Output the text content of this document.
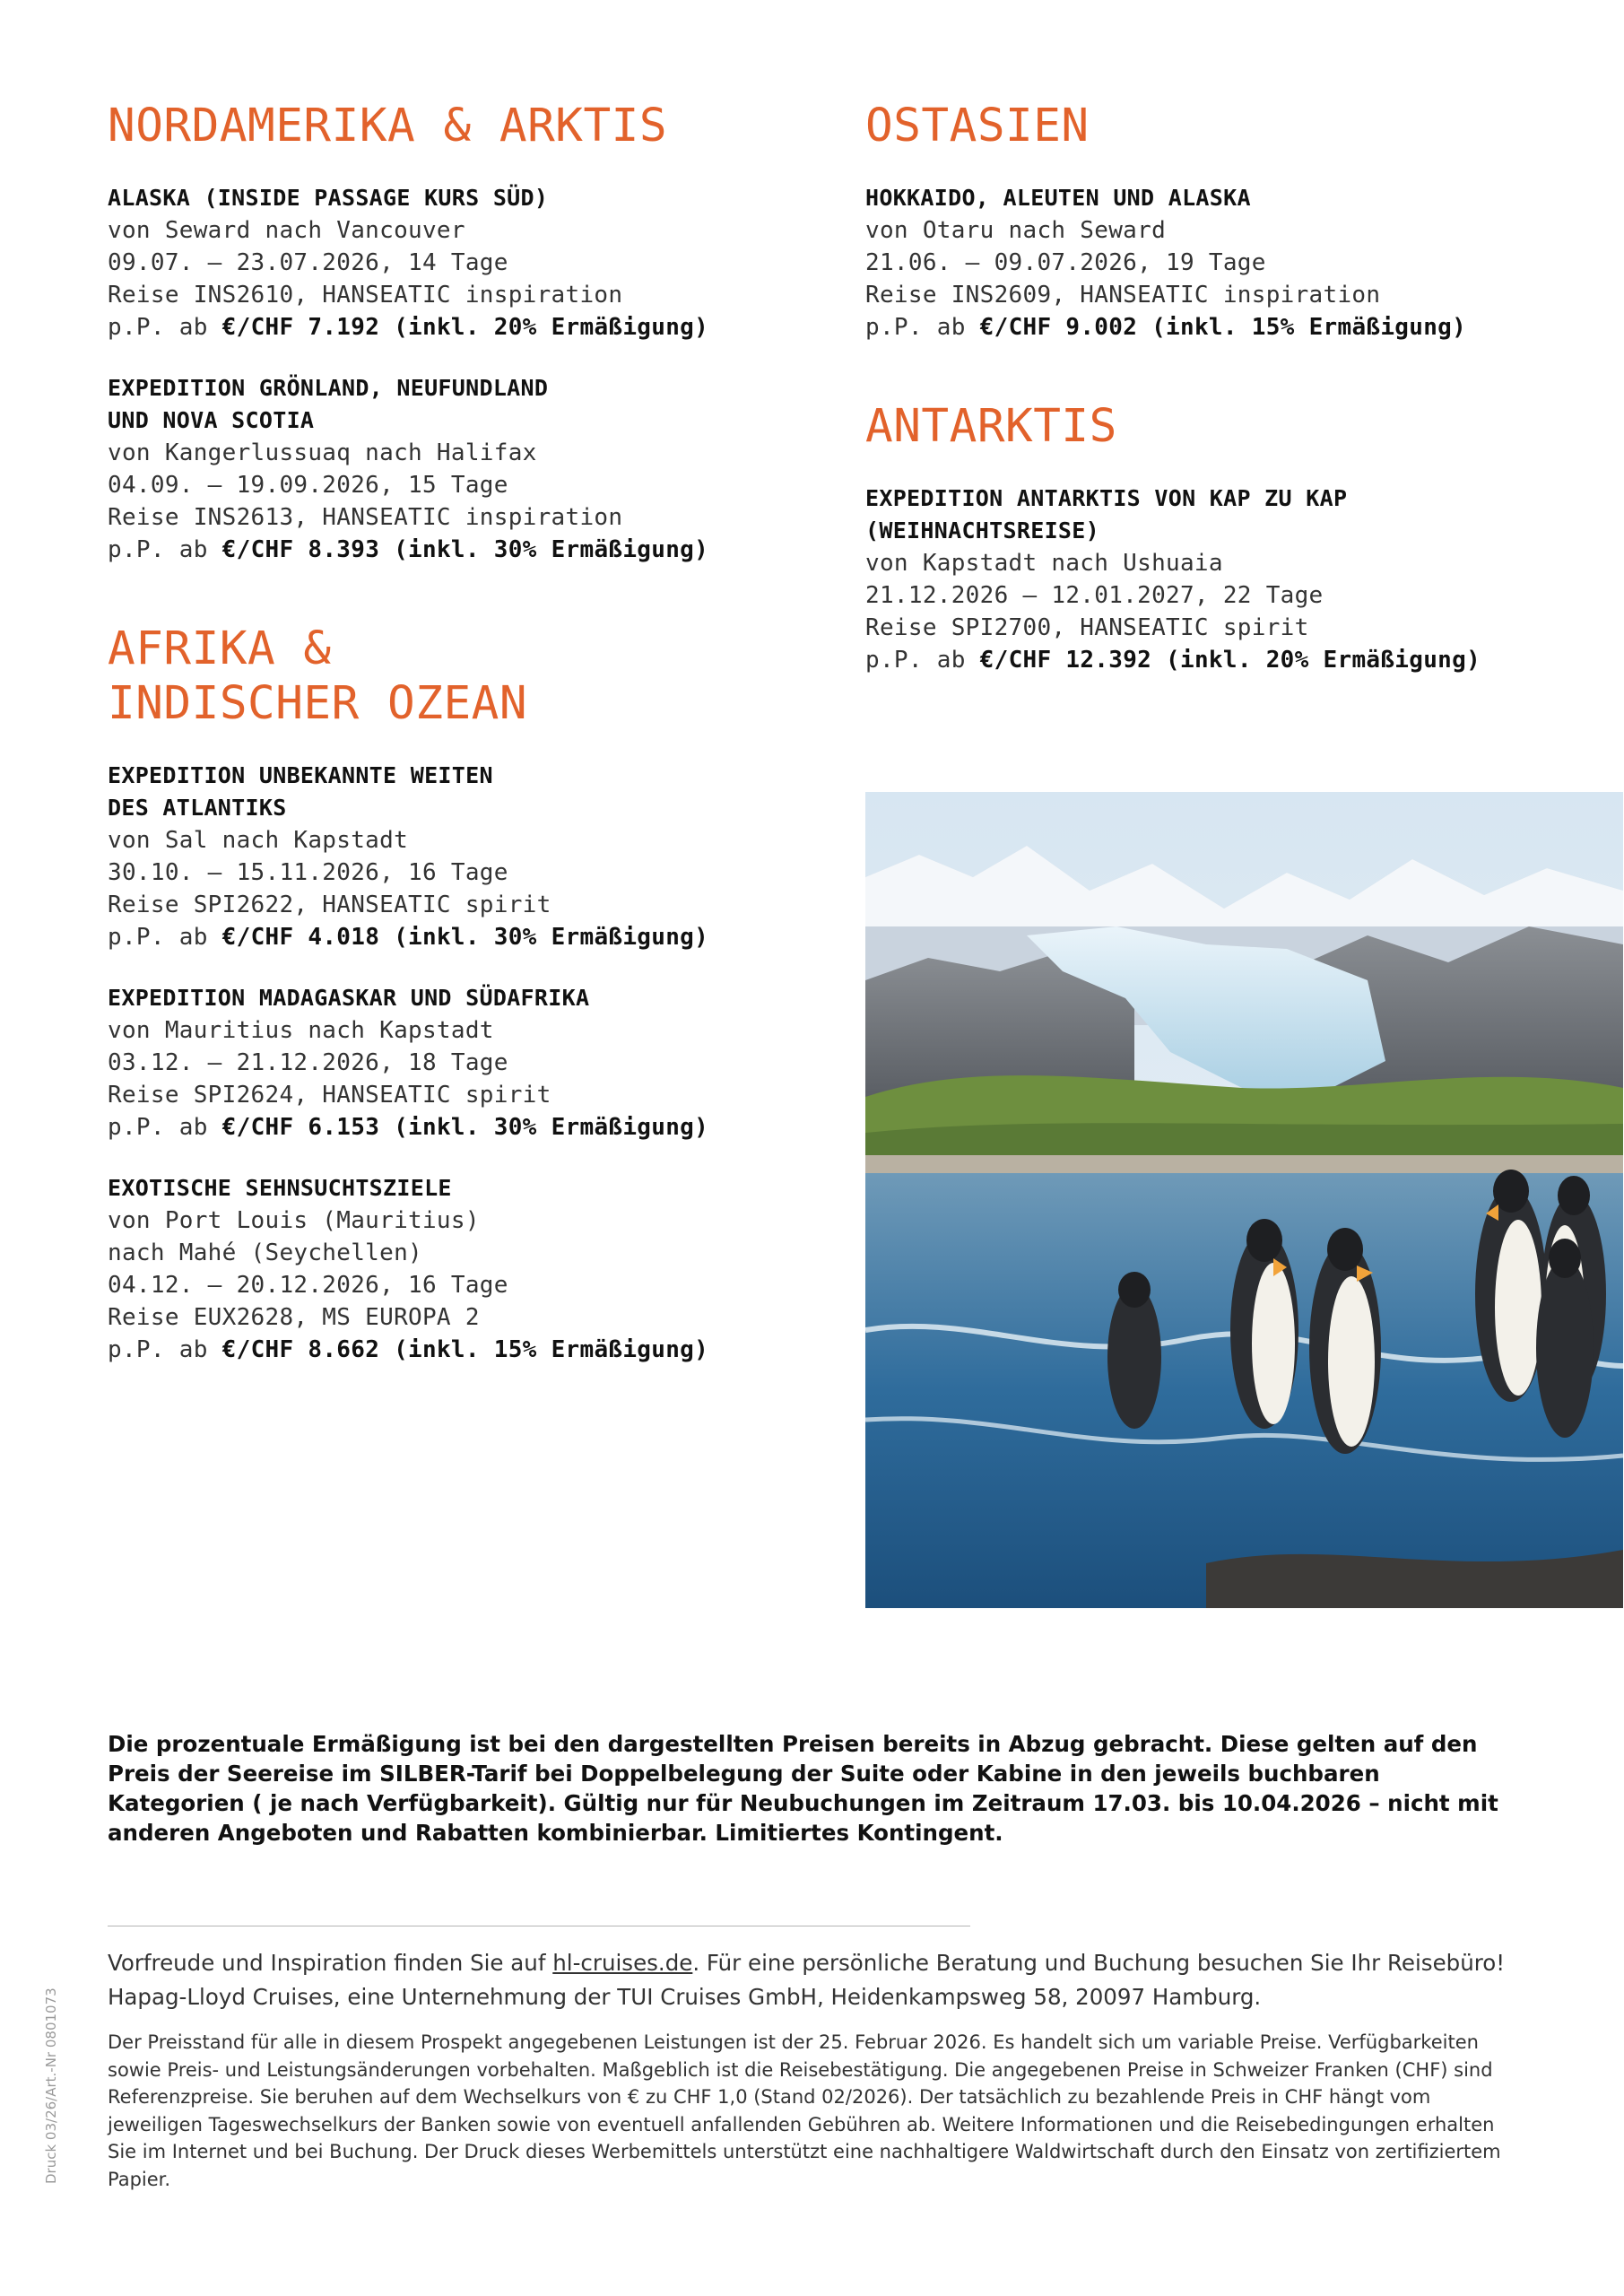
NORDAMERIKA & ARKTIS
ALASKA (INSIDE PASSAGE KURS SÜD)
von Seward nach Vancouver
09.07. – 23.07.2026, 14 Tage
Reise INS2610, HANSEATIC inspiration
p.P. ab €/CHF 7.192 (inkl. 20% Ermäßigung)
EXPEDITION GRÖNLAND, NEUFUNDLAND
UND NOVA SCOTIA
von Kangerlussuaq nach Halifax
04.09. – 19.09.2026, 15 Tage
Reise INS2613, HANSEATIC inspiration
p.P. ab €/CHF 8.393 (inkl. 30% Ermäßigung)
AFRIKA &
INDISCHER OZEAN
EXPEDITION UNBEKANNTE WEITEN
DES ATLANTIKS
von Sal nach Kapstadt
30.10. – 15.11.2026, 16 Tage
Reise SPI2622, HANSEATIC spirit
p.P. ab €/CHF 4.018 (inkl. 30% Ermäßigung)
EXPEDITION MADAGASKAR UND SÜDAFRIKA
von Mauritius nach Kapstadt
03.12. – 21.12.2026, 18 Tage
Reise SPI2624, HANSEATIC spirit
p.P. ab €/CHF 6.153 (inkl. 30% Ermäßigung)
EXOTISCHE SEHNSUCHTSZIELE
von Port Louis (Mauritius)
nach Mahé (Seychellen)
04.12. – 20.12.2026, 16 Tage
Reise EUX2628, MS EUROPA 2
p.P. ab €/CHF 8.662 (inkl. 15% Ermäßigung)
OSTASIEN
HOKKAIDO, ALEUTEN UND ALASKA
von Otaru nach Seward
21.06. – 09.07.2026, 19 Tage
Reise INS2609, HANSEATIC inspiration
p.P. ab €/CHF 9.002 (inkl. 15% Ermäßigung)
ANTARKTIS
EXPEDITION ANTARKTIS VON KAP ZU KAP
(WEIHNACHTSREISE)
von Kapstadt nach Ushuaia
21.12.2026 – 12.01.2027, 22 Tage
Reise SPI2700, HANSEATIC spirit
p.P. ab €/CHF 12.392 (inkl. 20% Ermäßigung)
Die prozentuale Ermäßigung ist bei den dargestellten Preisen bereits in Abzug gebracht. Diese gelten auf den Preis der Seereise im SILBER-Tarif bei Doppelbelegung der Suite oder Kabine in den jeweils buchbaren Kategorien ( je nach Verfügbarkeit). Gültig nur für Neubuchungen im Zeitraum 17.03. bis 10.04.2026 – nicht mit anderen Angeboten und Rabatten kombinierbar. Limitiertes Kontingent.
Vorfreude und Inspiration finden Sie auf hl-cruises.de. Für eine persönliche Beratung und Buchung besuchen Sie Ihr Reisebüro!
Hapag-Lloyd Cruises, eine Unternehmung der TUI Cruises GmbH, Heidenkampsweg 58, 20097 Hamburg.
Der Preisstand für alle in diesem Prospekt angegebenen Leistungen ist der 25. Februar 2026. Es handelt sich um variable Preise. Verfügbarkeiten sowie Preis- und Leistungsänderungen vorbehalten. Maßgeblich ist die Reisebestätigung. Die angegebenen Preise in Schweizer Franken (CHF) sind Referenzpreise. Sie beruhen auf dem Wechselkurs von € zu CHF 1,0 (Stand 02/2026). Der tatsächlich zu bezahlende Preis in CHF hängt vom jeweiligen Tageswechselkurs der Banken sowie von eventuell anfallenden Gebühren ab. Weitere Informationen und die Reisebedingungen erhalten Sie im Internet und bei Buchung. Der Druck dieses Werbemittels unterstützt eine nachhaltigere Waldwirtschaft durch den Einsatz von zertifiziertem Papier.
Druck 03/26/Art.-Nr 0801073
